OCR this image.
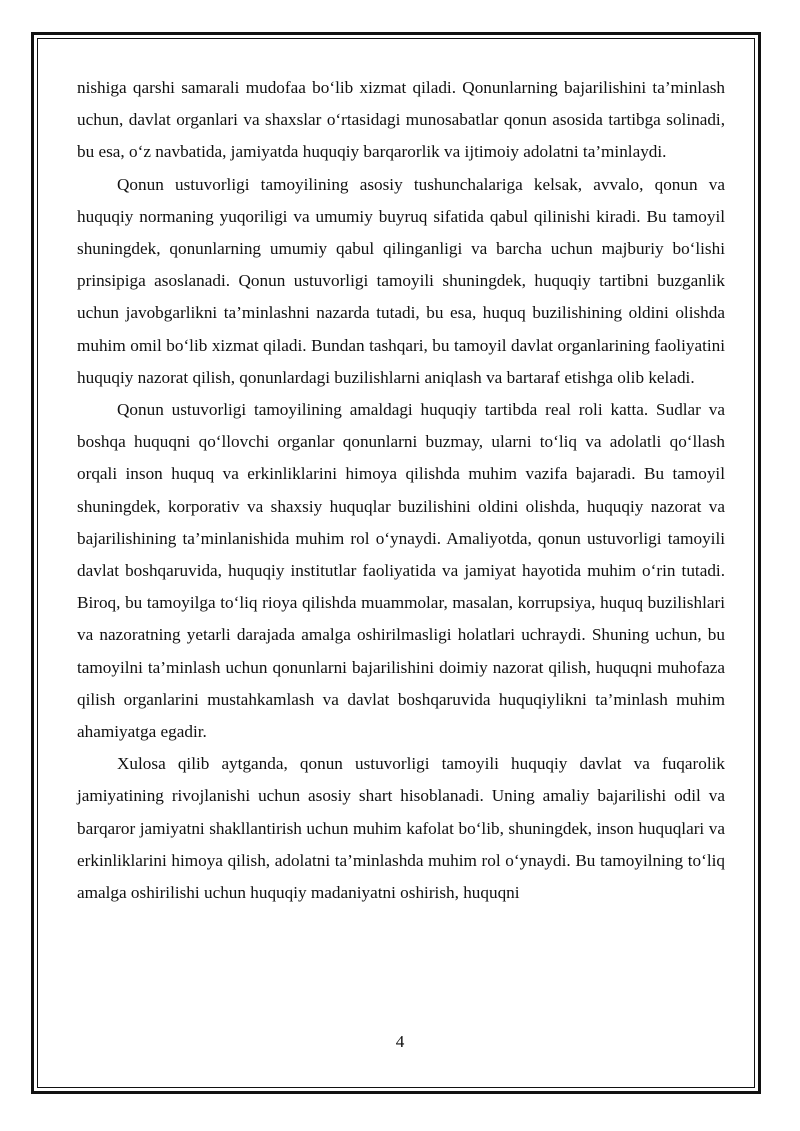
nishiga qarshi samarali mudofaa bo‘lib xizmat qiladi. Qonunlarning bajarilishini ta’minlash uchun, davlat organlari va shaxslar o‘rtasidagi munosabatlar qonun asosida tartibga solinadi, bu esa, o‘z navbatida, jamiyatda huquqiy barqarorlik va ijtimoiy adolatni ta’minlaydi.

Qonun ustuvorligi tamoyilining asosiy tushunchalariga kelsak, avvalo, qonun va huquqiy normaning yuqoriligi va umumiy buyruq sifatida qabul qilinishi kiradi. Bu tamoyil shuningdek, qonunlarning umumiy qabul qilinganligi va barcha uchun majburiy bo‘lishi prinsipiga asoslanadi. Qonun ustuvorligi tamoyili shuningdek, huquqiy tartibni buzganlik uchun javobgarlikni ta’minlashni nazarda tutadi, bu esa, huquq buzilishining oldini olishda muhim omil bo‘lib xizmat qiladi. Bundan tashqari, bu tamoyil davlat organlarining faoliyatini huquqiy nazorat qilish, qonunlardagi buzilishlarni aniqlash va bartaraf etishga olib keladi.

Qonun ustuvorligi tamoyilining amaldagi huquqiy tartibda real roli katta. Sudlar va boshqa huquqni qo‘llovchi organlar qonunlarni buzmay, ularni to‘liq va adolatli qo‘llash orqali inson huquq va erkinliklarini himoya qilishda muhim vazifa bajaradi. Bu tamoyil shuningdek, korporativ va shaxsiy huquqlar buzilishini oldini olishda, huquqiy nazorat va bajarilishining ta’minlanishida muhim rol o‘ynaydi. Amaliyotda, qonun ustuvorligi tamoyili davlat boshqaruvida, huquqiy institutlar faoliyatida va jamiyat hayotida muhim o‘rin tutadi. Biroq, bu tamoyilga to‘liq rioya qilishda muammolar, masalan, korrupsiya, huquq buzilishlari va nazoratning yetarli darajada amalga oshirilmasligi holatlari uchraydi. Shuning uchun, bu tamoyilni ta’minlash uchun qonunlarni bajarilishini doimiy nazorat qilish, huquqni muhofaza qilish organlarini mustahkamlash va davlat boshqaruvida huquqiylikni ta’minlash muhim ahamiyatga egadir.

Xulosa qilib aytganda, qonun ustuvorligi tamoyili huquqiy davlat va fuqarolik jamiyatining rivojlanishi uchun asosiy shart hisoblanadi. Uning amaliy bajarilishi odil va barqaror jamiyatni shakllantirish uchun muhim kafolat bo‘lib, shuningdek, inson huquqlari va erkinliklarini himoya qilish, adolatni ta’minlashda muhim rol o‘ynaydi. Bu tamoyilning to‘liq amalga oshirilishi uchun huquqiy madaniyatni oshirish, huquqni

4
